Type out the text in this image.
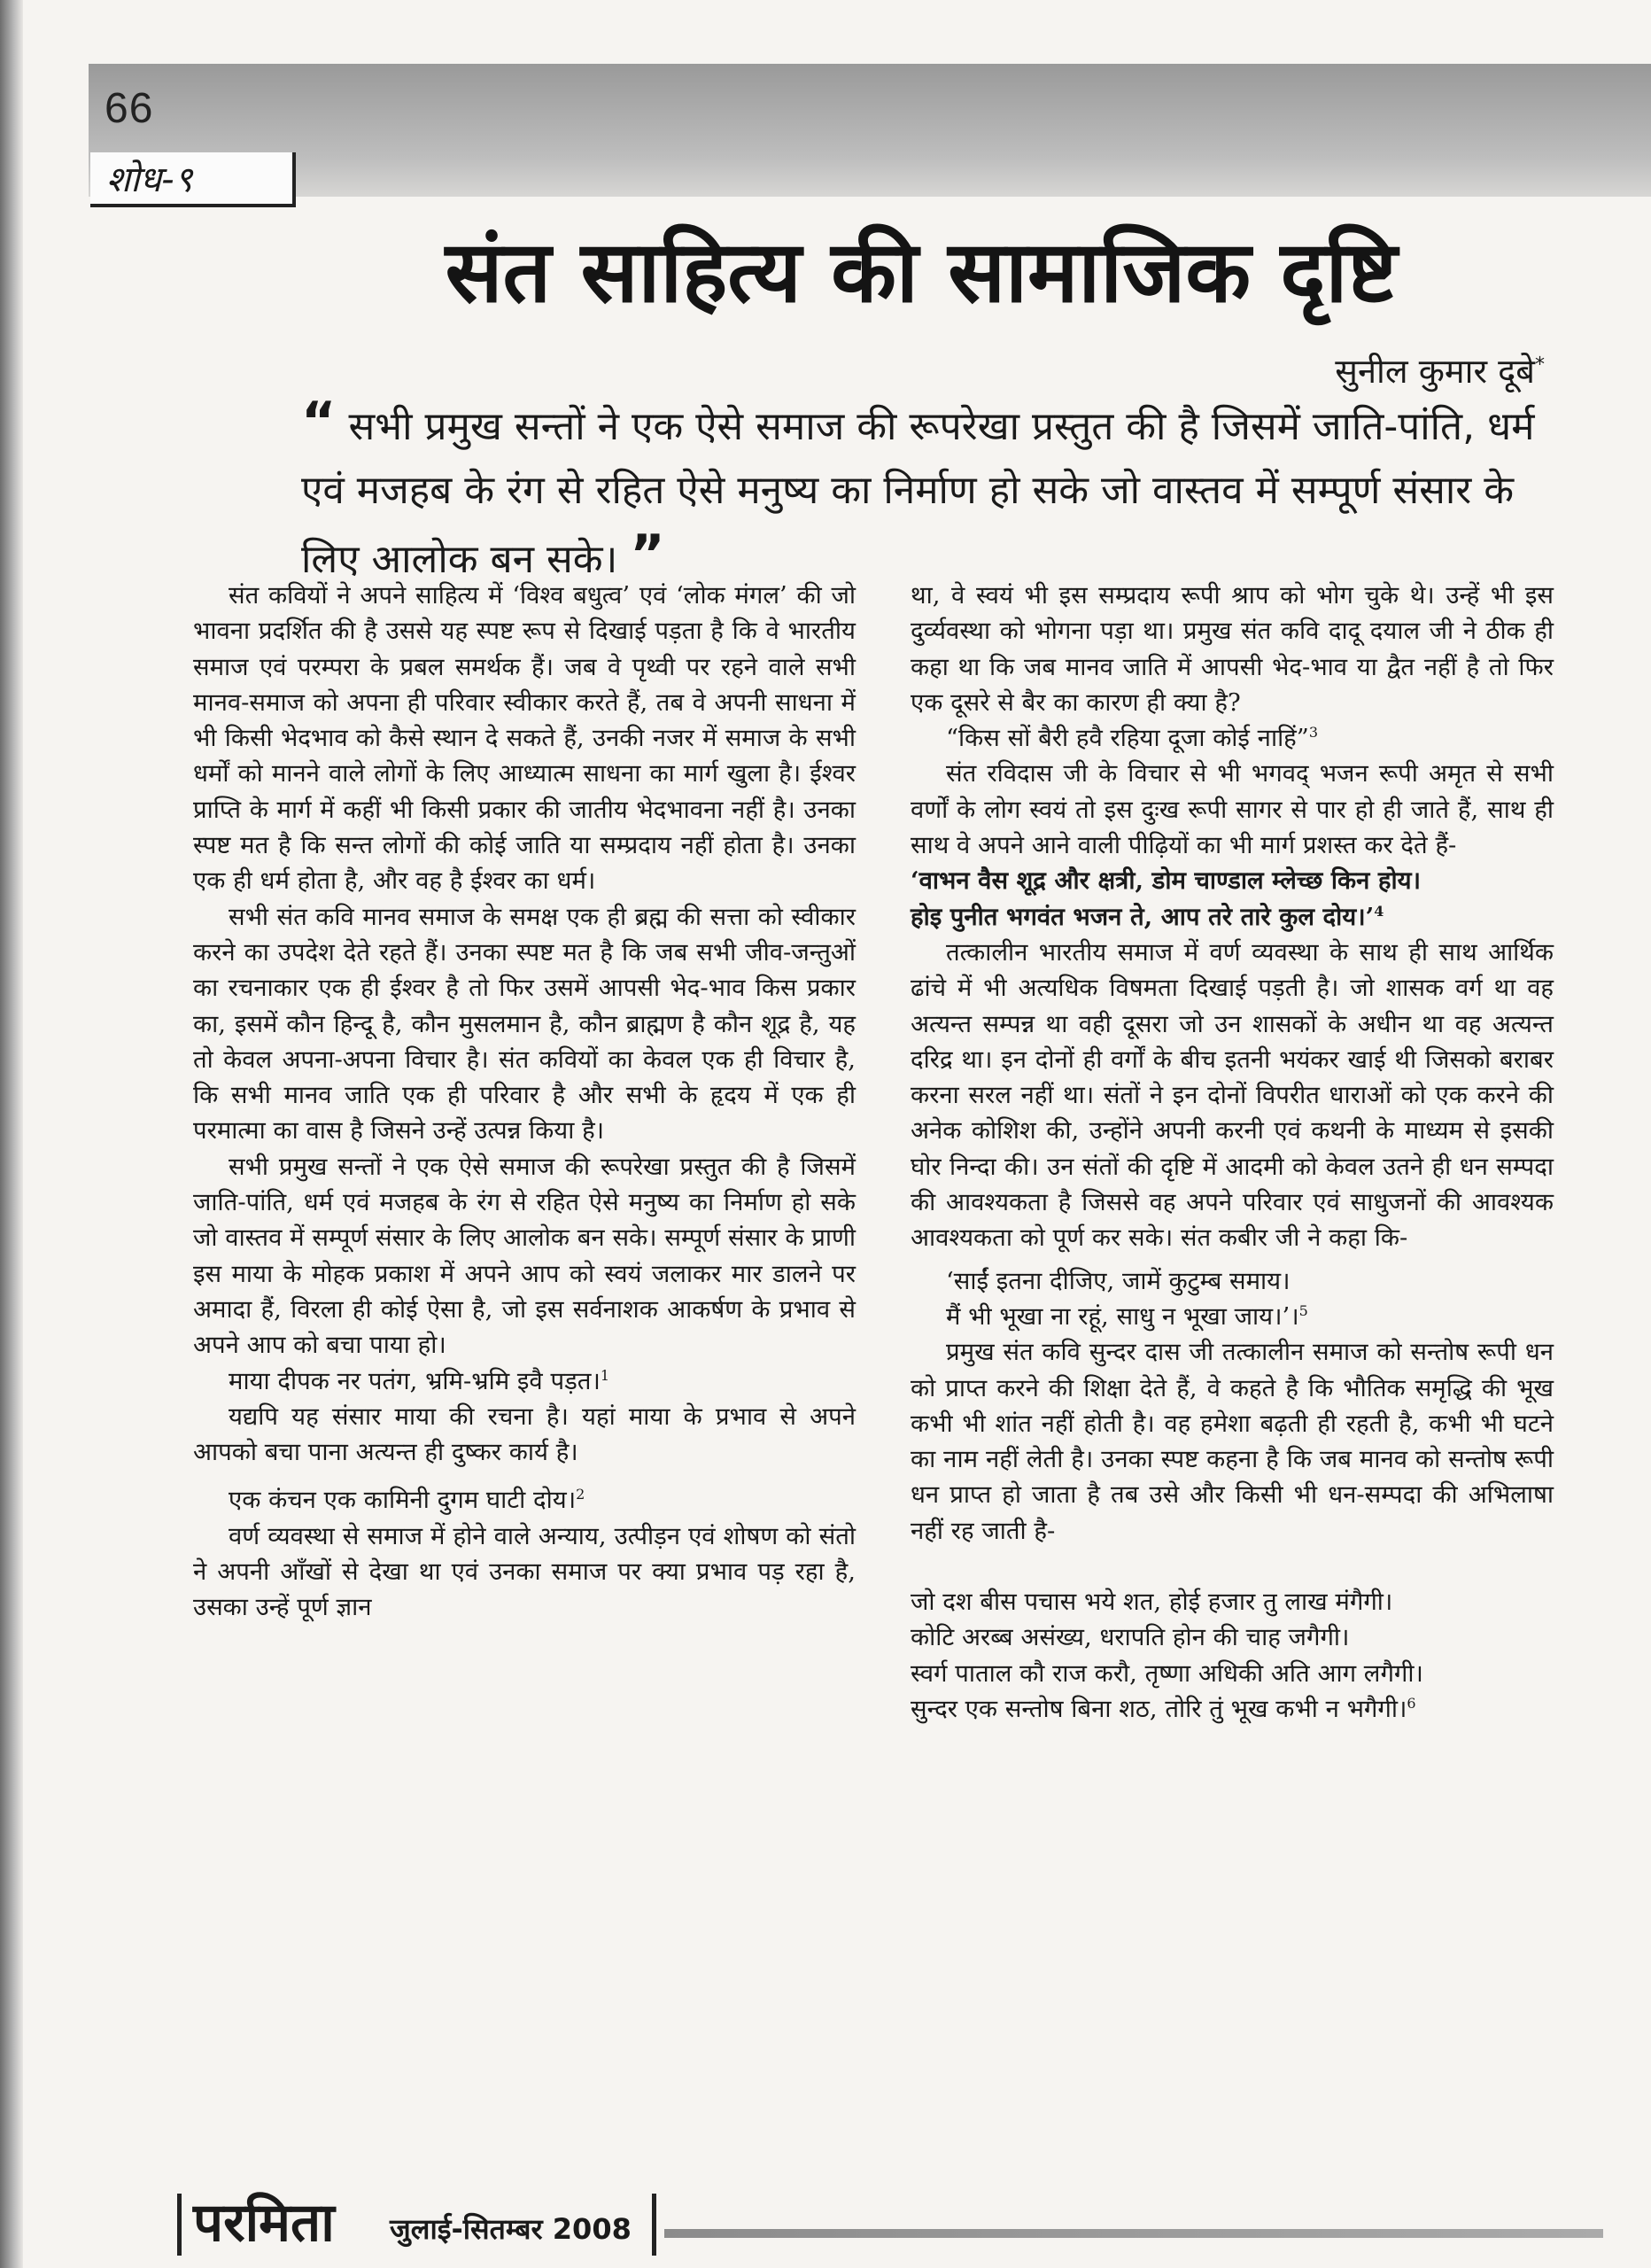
66
शोध-९
संत साहित्य की सामाजिक दृष्टि
सुनील कुमार दूबे*
“ सभी प्रमुख सन्तों ने एक ऐसे समाज की रूपरेखा प्रस्तुत की है जिसमें जाति-पांति, धर्म एवं मजहब के रंग से रहित ऐसे मनुष्य का निर्माण हो सके जो वास्तव में सम्पूर्ण संसार के लिए आलोक बन सके। ”

संत कवियों ने अपने साहित्य में ‘विश्व बधुत्व’ एवं ‘लोक मंगल’ की जो भावना प्रदर्शित की है उससे यह स्पष्ट रूप से दिखाई पड़ता है कि वे भारतीय समाज एवं परम्परा के प्रबल समर्थक हैं। जब वे पृथ्वी पर रहने वाले सभी मानव-समाज को अपना ही परिवार स्वीकार करते हैं, तब वे अपनी साधना में भी किसी भेदभाव को कैसे स्थान दे सकते हैं, उनकी नजर में समाज के सभी धर्मों को मानने वाले लोगों के लिए आध्यात्म साधना का मार्ग खुला है। ईश्वर प्राप्ति के मार्ग में कहीं भी किसी प्रकार की जातीय भेदभावना नहीं है। उनका स्पष्ट मत है कि सन्त लोगों की कोई जाति या सम्प्रदाय नहीं होता है। उनका एक ही धर्म होता है, और वह है ईश्वर का धर्म।

सभी संत कवि मानव समाज के समक्ष एक ही ब्रह्म की सत्ता को स्वीकार करने का उपदेश देते रहते हैं। उनका स्पष्ट मत है कि जब सभी जीव-जन्तुओं का रचनाकार एक ही ईश्वर है तो फिर उसमें आपसी भेद-भाव किस प्रकार का, इसमें कौन हिन्दू है, कौन मुसलमान है, कौन ब्राह्मण है कौन शूद्र है, यह तो केवल अपना-अपना विचार है। संत कवियों का केवल एक ही विचार है, कि सभी मानव जाति एक ही परिवार है और सभी के हृदय में एक ही परमात्मा का वास है जिसने उन्हें उत्पन्न किया है।

सभी प्रमुख सन्तों ने एक ऐसे समाज की रूपरेखा प्रस्तुत की है जिसमें जाति-पांति, धर्म एवं मजहब के रंग से रहित ऐसे मनुष्य का निर्माण हो सके जो वास्तव में सम्पूर्ण संसार के लिए आलोक बन सके। सम्पूर्ण संसार के प्राणी इस माया के मोहक प्रकाश में अपने आप को स्वयं जलाकर मार डालने पर अमादा हैं, विरला ही कोई ऐसा है, जो इस सर्वनाशक आकर्षण के प्रभाव से अपने आप को बचा पाया हो।

माया दीपक नर पतंग, भ्रमि-भ्रमि इवै पड़त।$^1$

यद्यपि यह संसार माया की रचना है। यहां माया के प्रभाव से अपने आपको बचा पाना अत्यन्त ही दुष्कर कार्य है।

एक कंचन एक कामिनी दुगम घाटी दोय।$^2$

वर्ण व्यवस्था से समाज में होने वाले अन्याय, उत्पीड़न एवं शोषण को संतो ने अपनी आँखों से देखा था एवं उनका समाज पर क्या प्रभाव पड़ रहा है, उसका उन्हें पूर्ण ज्ञान

था, वे स्वयं भी इस सम्प्रदाय रूपी श्राप को भोग चुके थे। उन्हें भी इस दुर्व्यवस्था को भोगना पड़ा था। प्रमुख संत कवि दादू दयाल जी ने ठीक ही कहा था कि जब मानव जाति में आपसी भेद-भाव या द्वैत नहीं है तो फिर एक दूसरे से बैर का कारण ही क्या है?

“किस सों बैरी हवै रहिया दूजा कोई नाहिं”$^3$

संत रविदास जी के विचार से भी भगवद् भजन रूपी अमृत से सभी वर्णों के लोग स्वयं तो इस दुःख रूपी सागर से पार हो ही जाते हैं, साथ ही साथ वे अपने आने वाली पीढ़ियों का भी मार्ग प्रशस्त कर देते हैं-

‘वाभन वैस शूद्र और क्षत्री, डोम चाण्डाल म्लेच्छ किन होय।

होइ पुनीत भगवंत भजन ते, आप तरे तारे कुल दोय।’$^4$

तत्कालीन भारतीय समाज में वर्ण व्यवस्था के साथ ही साथ आर्थिक ढांचे में भी अत्यधिक विषमता दिखाई पड़ती है। जो शासक वर्ग था वह अत्यन्त सम्पन्न था वही दूसरा जो उन शासकों के अधीन था वह अत्यन्त दरिद्र था। इन दोनों ही वर्गों के बीच इतनी भयंकर खाई थी जिसको बराबर करना सरल नहीं था। संतों ने इन दोनों विपरीत धाराओं को एक करने की अनेक कोशिश की, उन्होंने अपनी करनी एवं कथनी के माध्यम से इसकी घोर निन्दा की। उन संतों की दृष्टि में आदमी को केवल उतने ही धन सम्पदा की आवश्यकता है जिससे वह अपने परिवार एवं साधुजनों की आवश्यक आवश्यकता को पूर्ण कर सके। संत कबीर जी ने कहा कि-

‘साईं इतना दीजिए, जामें कुटुम्ब समाय।

मैं भी भूखा ना रहूं, साधु न भूखा जाय।’।$^5$

प्रमुख संत कवि सुन्दर दास जी तत्कालीन समाज को सन्तोष रूपी धन को प्राप्त करने की शिक्षा देते हैं, वे कहते है कि भौतिक समृद्धि की भूख कभी भी शांत नहीं होती है। वह हमेशा बढ़ती ही रहती है, कभी भी घटने का नाम नहीं लेती है। उनका स्पष्ट कहना है कि जब मानव को सन्तोष रूपी धन प्राप्त हो जाता है तब उसे और किसी भी धन-सम्पदा की अभिलाषा नहीं रह जाती है-

जो दश बीस पचास भये शत, होई हजार तु लाख मंगैगी।

कोटि अरब्ब असंख्य, धरापति होन की चाह जगैगी।

स्वर्ग पाताल कौ राज करौ, तृष्णा अधिकी अति आग लगैगी।

सुन्दर एक सन्तोष बिना शठ, तोरि तुं भूख कभी न भगैगी।$^6$

परमिता जुलाई-सितम्बर 2008
